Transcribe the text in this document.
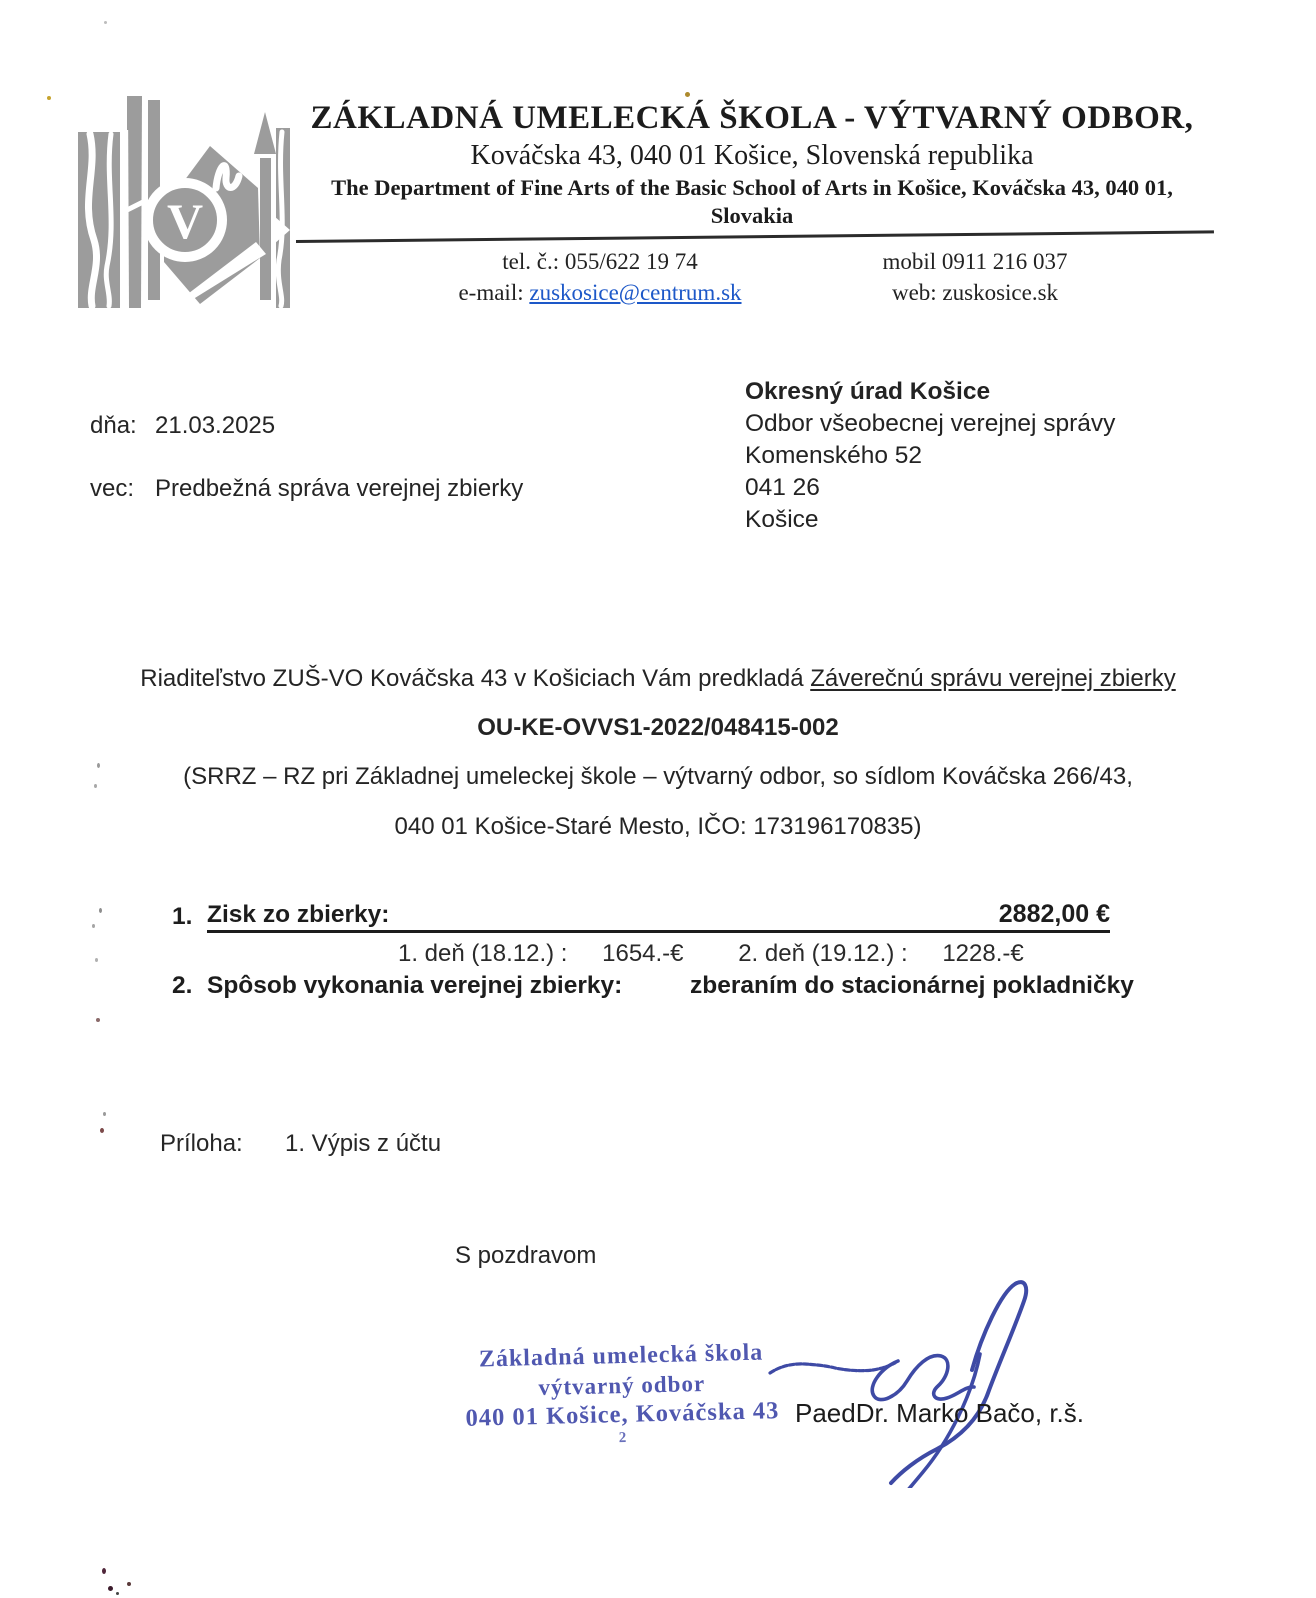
V
ZÁKLADNÁ UMELECKÁ ŠKOLA - VÝTVARNÝ ODBOR,
Kováčska 43, 040 01 Košice, Slovenská republika
The Department of Fine Arts of the Basic School of Arts in Košice, Kováčska 43, 040 01,
Slovakia
tel. č.: 055/622 19 74
e-mail: zuskosice@centrum.sk
mobil 0911 216 037
web: zuskosice.sk
dňa: 21.03.2025
vec: Predbežná správa verejnej zbierky
Okresný úrad Košice
Odbor všeobecnej verejnej správy
Komenského 52
041 26
Košice
Riaditeľstvo ZUŠ-VO Kováčska 43 v Košiciach Vám predkladá Záverečnú správu verejnej zbierky
OU-KE-OVVS1-2022/048415-002
(SRRZ – RZ pri Základnej umeleckej škole – výtvarný odbor, so sídlom Kováčska 266/43,
040 01 Košice-Staré Mesto, IČO: 173196170835)
1. Zisk zo zbierky:	2882,00 €
1. deň (18.12.) : 1654.-€ 2. deň (19.12.) : 1228.-€
2. Spôsob vykonania verejnej zbierky:	zberaním do stacionárnej pokladničky
Príloha: 1. Výpis z účtu
S pozdravom
Základná umelecká škola
výtvarný odbor
040 01 Košice, Kováčska 43
2
PaedDr. Marko Bačo, r.š.
